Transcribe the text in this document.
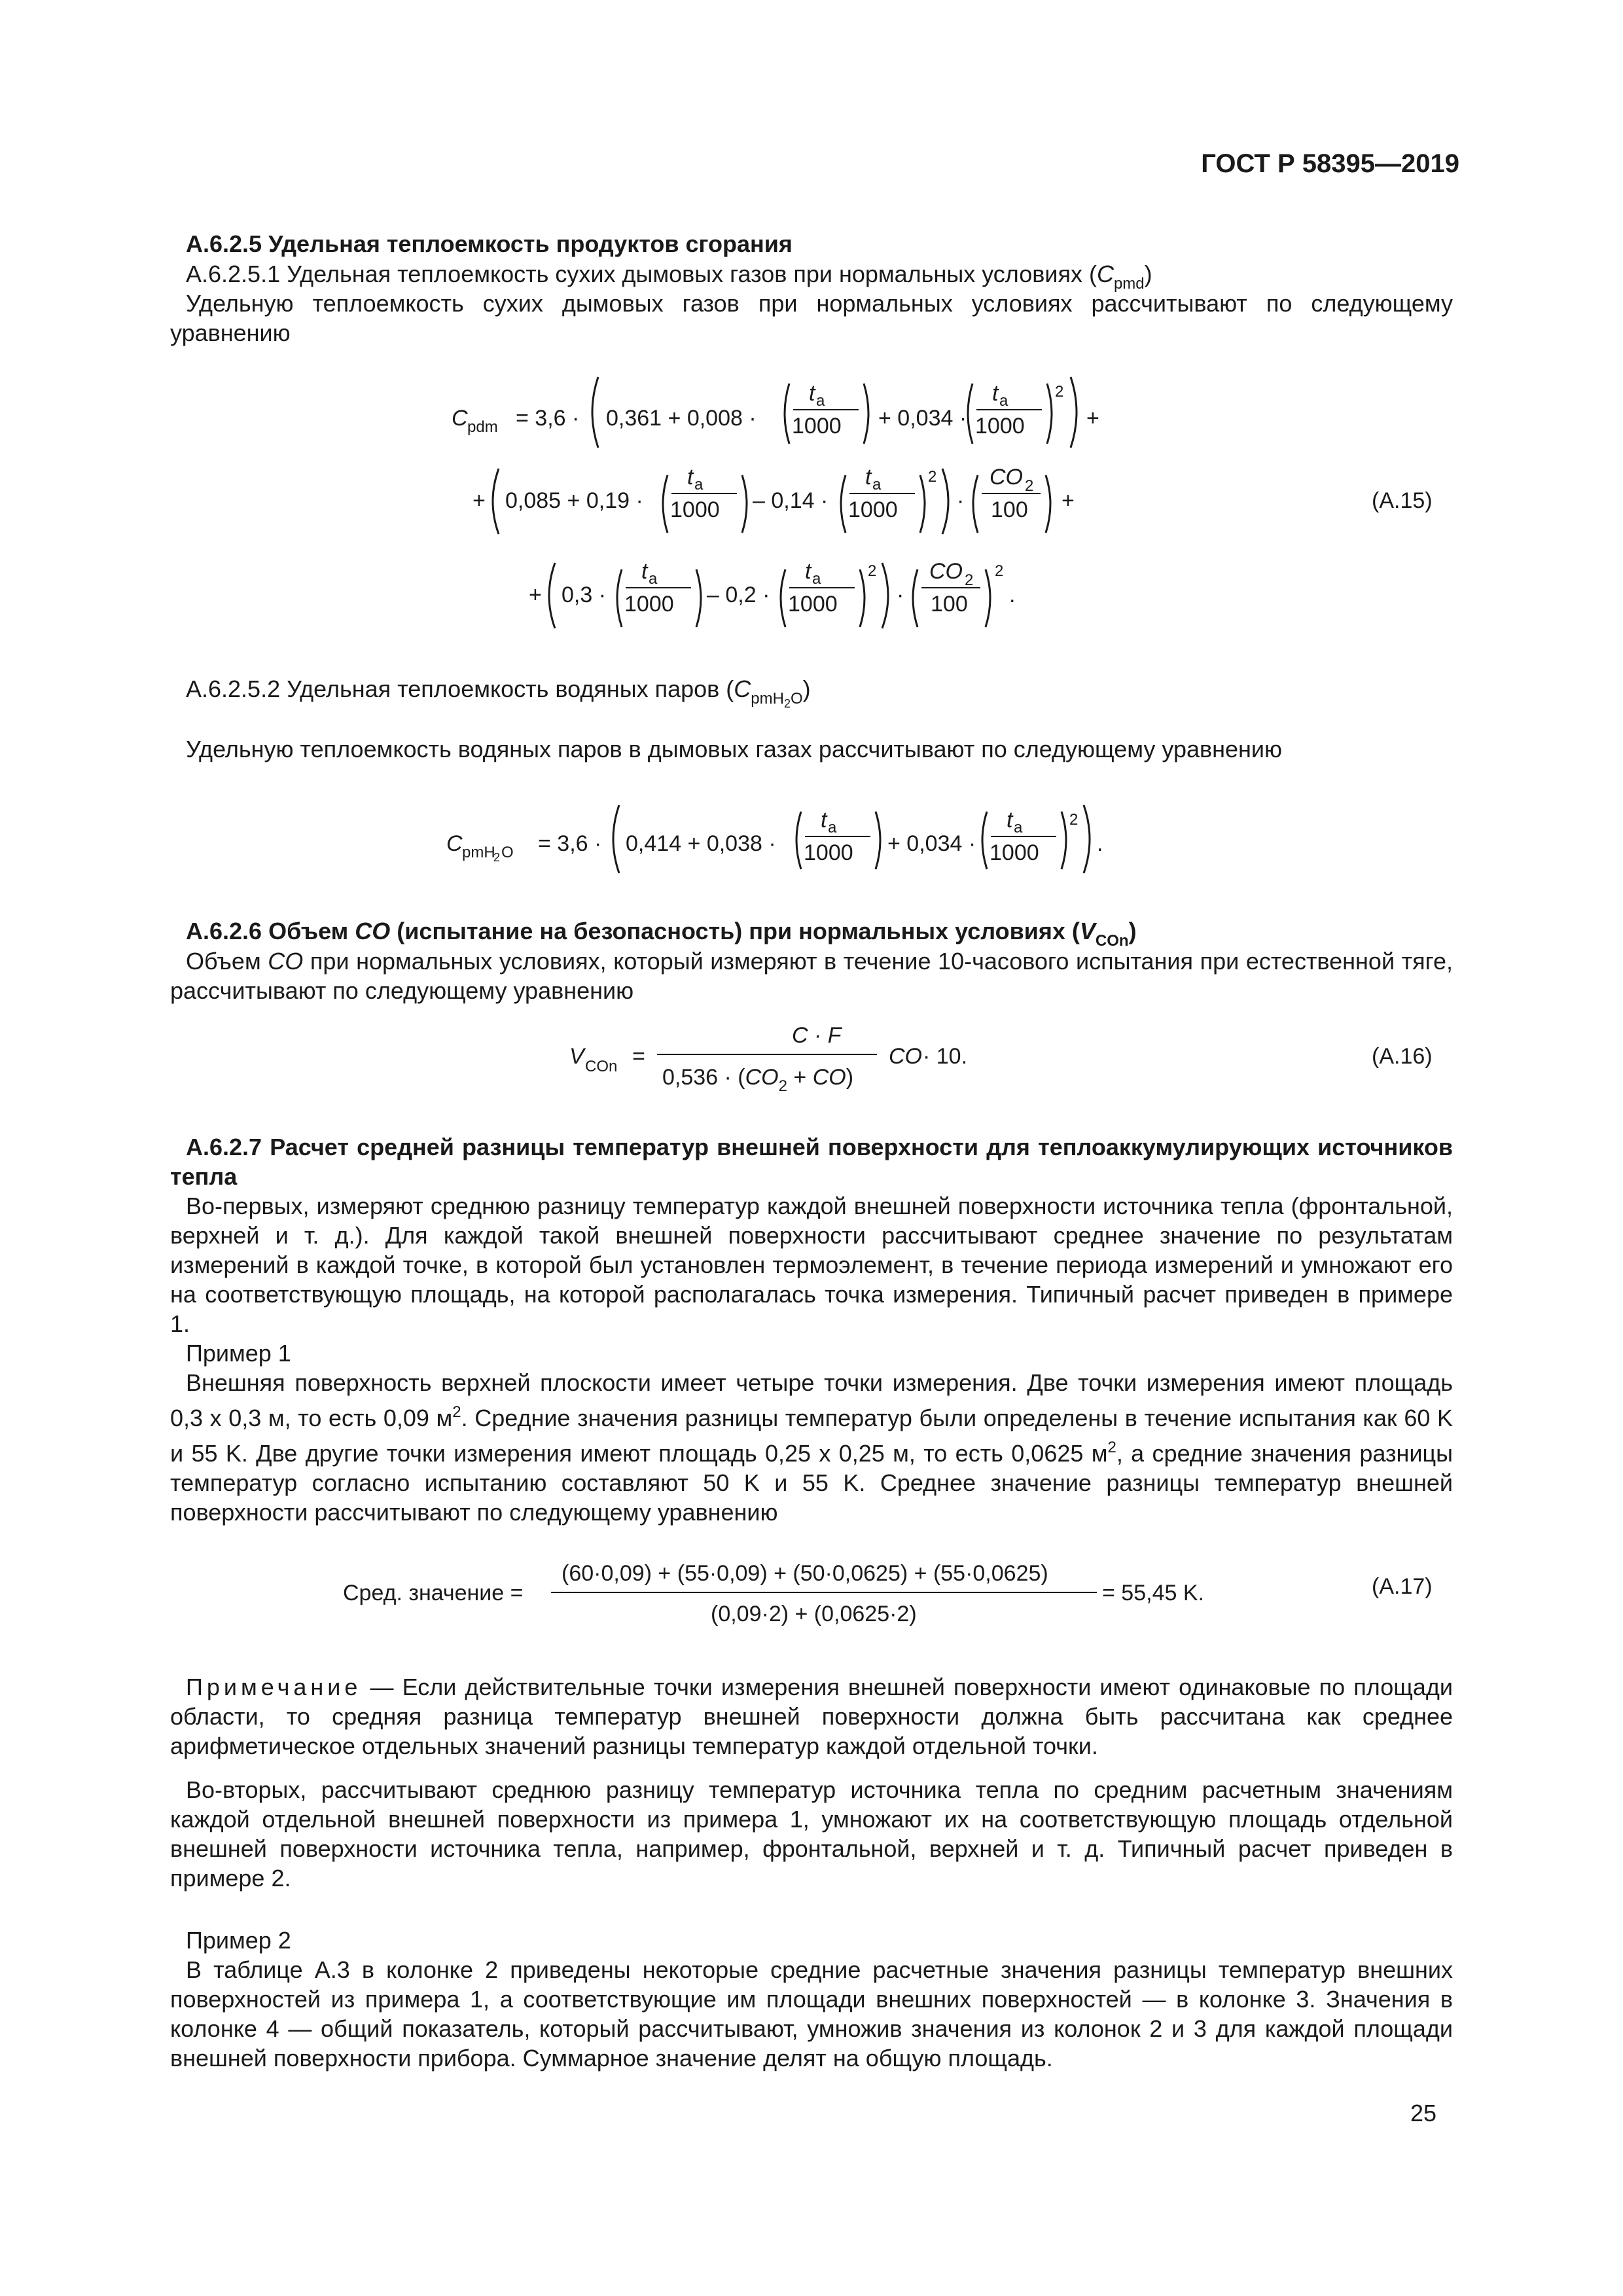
ГОСТ Р 58395—2019
А.6.2.5 Удельная теплоемкость продуктов сгорания
А.6.2.5.1 Удельная теплоемкость сухих дымовых газов при нормальных условиях $(C_{pmd})$
Удельную теплоемкость сухих дымовых газов при нормальных условиях рассчитывают по следующему уравнению
C pdm = 3,6 · 0,361 + 0,008 ·
t a
1000 + 0,034 ·
t a
1000
2
+
+ 0,085 + 0,19 ·
t a
1000 – 0,14 ·
t a
1000
2
·
CO 2
100 +	(А.15)
+ 0,3 ·
t a
1000 – 0,2 ·
t a
1000
2
·
CO 2
100
2
.
А.6.2.5.2 Удельная теплоемкость водяных паров $(C_{pmH2O})$
Удельную теплоемкость водяных паров в дымовых газах рассчитывают по следующему уравнению
C pmH
2 O = 3,6 · 0,414 + 0,038 ·
t a
1000 + 0,034 ·
t a
1000
2
.
А.6.2.6 Объем CO (испытание на безопасность) при нормальных условиях $(V_{COn})$
Объем CO при нормальных условиях, который измеряют в течение 10-часового испытания при естественной тяге, рассчитывают по следующему уравнению
V COn =
C · F
$0,536 \cdot (CO_2 + CO)$
CO · 10.	(А.16)
А.6.2.7 Расчет средней разницы температур внешней поверхности для теплоаккумулирующих источников тепла
Во-первых, измеряют среднюю разницу температур каждой внешней поверхности источника тепла (фронтальной, верхней и т. д.). Для каждой такой внешней поверхности рассчитывают среднее значение по результатам измерений в каждой точке, в которой был установлен термоэлемент, в течение периода измерений и умножают его на соответствующую площадь, на которой располагалась точка измерения. Типичный расчет приведен в примере 1.
Пример 1
Внешняя поверхность верхней плоскости имеет четыре точки измерения. Две точки измерения имеют площадь 0,3 x 0,3 м, то есть 0,09 $м^2$. Средние значения разницы температур были определены в течение испытания как 60 K и 55 K. Две другие точки измерения имеют площадь 0,25 x 0,25 м, то есть 0,0625 $м^2$, а средние значения разницы температур согласно испытанию составляют 50 K и 55 K. Среднее значение разницы температур внешней поверхности рассчитывают по следующему уравнению
Сред. значение =
(60·0,09) + (55·0,09) + (50·0,0625) + (55·0,0625)
(0,09·2) + (0,0625·2)
= 55,45 K.	(А.17)
Примечание — Если действительные точки измерения внешней поверхности имеют одинаковые по площади области, то средняя разница температур внешней поверхности должна быть рассчитана как среднее арифметическое отдельных значений разницы температур каждой отдельной точки.
Во-вторых, рассчитывают среднюю разницу температур источника тепла по средним расчетным значениям каждой отдельной внешней поверхности из примера 1, умножают их на соответствующую площадь отдельной внешней поверхности источника тепла, например, фронтальной, верхней и т. д. Типичный расчет приведен в примере 2.
Пример 2
В таблице А.3 в колонке 2 приведены некоторые средние расчетные значения разницы температур внешних поверхностей из примера 1, а соответствующие им площади внешних поверхностей — в колонке 3. Значения в колонке 4 — общий показатель, который рассчитывают, умножив значения из колонок 2 и 3 для каждой площади внешней поверхности прибора. Суммарное значение делят на общую площадь.
25
